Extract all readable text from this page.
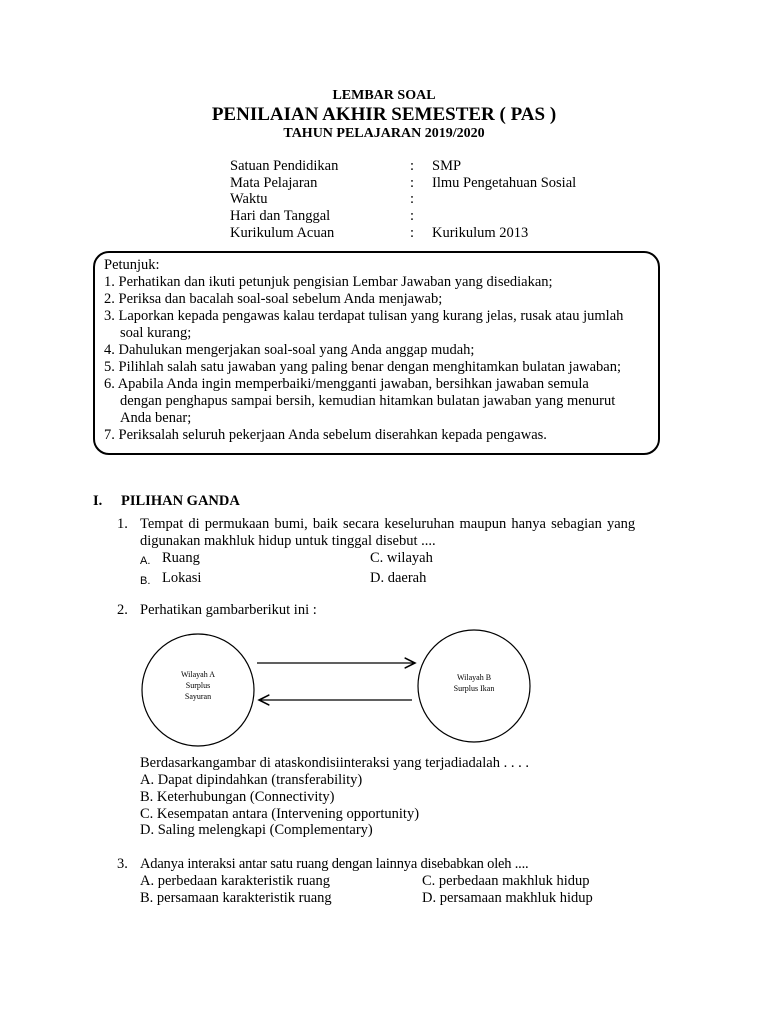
LEMBAR SOAL
PENILAIAN AKHIR SEMESTER ( PAS )
TAHUN PELAJARAN 2019/2020
Satuan Pendidikan	: SMP
Mata Pelajaran	: Ilmu Pengetahuan Sosial
Waktu	:
Hari dan Tanggal	:
Kurikulum Acuan	: Kurikulum 2013
Petunjuk:
1. Perhatikan dan ikuti petunjuk pengisian Lembar Jawaban yang disediakan;
2. Periksa dan bacalah soal-soal sebelum Anda menjawab;
3. Laporkan kepada pengawas kalau terdapat tulisan yang kurang jelas, rusak atau jumlah
soal kurang;
4. Dahulukan mengerjakan soal-soal yang Anda anggap mudah;
5. Pilihlah salah satu jawaban yang paling benar dengan menghitamkan bulatan jawaban;
6. Apabila Anda ingin memperbaiki/mengganti jawaban, bersihkan jawaban semula
dengan penghapus sampai bersih, kemudian hitamkan bulatan jawaban yang menurut
Anda benar;
7. Periksalah seluruh pekerjaan Anda sebelum diserahkan kepada pengawas.
I. PILIHAN GANDA
1. Tempat di permukaan bumi, baik secara keseluruhan maupun hanya sebagian yang
digunakan makhluk hidup untuk tinggal disebut ....
A. Ruang	C. wilayah
B. Lokasi	D. daerah
2. Perhatikan gambarberikut ini :
Wilayah A
Surplus
Sayuran
Wilayah B
Surplus Ikan
Berdasarkangambar di ataskondisiinteraksi yang terjadiadalah . . . .
A. Dapat dipindahkan (transferability)
B. Keterhubungan (Connectivity)
C. Kesempatan antara (Intervening opportunity)
D. Saling melengkapi (Complementary)
3. Adanya interaksi antar satu ruang dengan lainnya disebabkan oleh ....
A. perbedaan karakteristik ruang	C. perbedaan makhluk hidup
B. persamaan karakteristik ruang	D. persamaan makhluk hidup
